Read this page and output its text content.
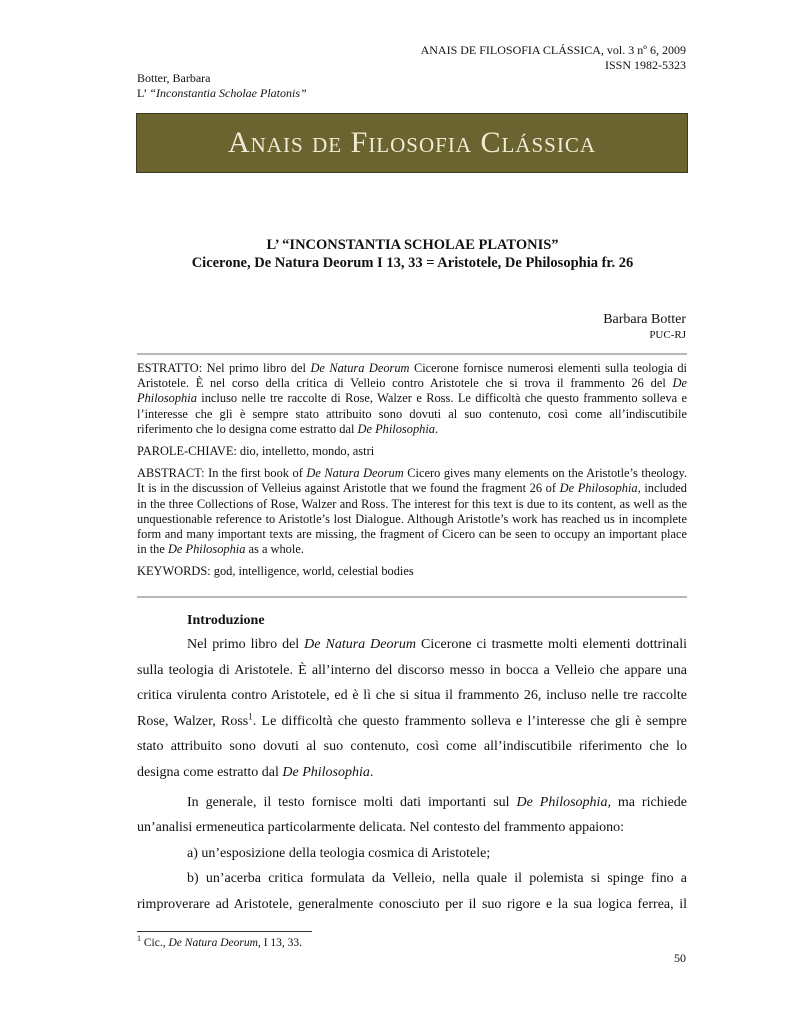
ANAIS DE FILOSOFIA CLÁSSICA, vol. 3 nº 6, 2009
ISSN 1982-5323
Botter, Barbara
L’ “Inconstantia Scholae Platonis”
Anais de Filosofia Clássica
L’ “INCONSTANTIA SCHOLAE PLATONIS”
Cicerone, De Natura Deorum I 13, 33 = Aristotele, De Philosophia fr. 26
Barbara Botter
PUC-RJ

ESTRATTO: Nel primo libro del De Natura Deorum Cicerone fornisce numerosi elementi sulla teologia di Aristotele. È nel corso della critica di Velleio contro Aristotele che si trova il frammento 26 del De Philosophia incluso nelle tre raccolte di Rose, Walzer e Ross. Le difficoltà che questo frammento solleva e l’interesse che gli è sempre stato attribuito sono dovuti al suo contenuto, così come all’indiscutibile riferimento che lo designa come estratto dal De Philosophia.

PAROLE-CHIAVE: dio, intelletto, mondo, astri

ABSTRACT: In the first book of De Natura Deorum Cicero gives many elements on the Aristotle’s theology. It is in the discussion of Velleius against Aristotle that we found the fragment 26 of De Philosophia, included in the three Collections of Rose, Walzer and Ross. The interest for this text is due to its content, as well as the unquestionable reference to Aristotle’s lost Dialogue. Although Aristotle’s work has reached us in incomplete form and many important texts are missing, the fragment of Cicero can be seen to occupy an important place in the De Philosophia as a whole.

KEYWORDS: god, intelligence, world, celestial bodies

Introduzione
Nel primo libro del De Natura Deorum Cicerone ci trasmette molti elementi dottrinali
sulla teologia di Aristotele. È all’interno del discorso messo in bocca a Velleio che appare una
critica virulenta contro Aristotele, ed è lì che si situa il frammento 26, incluso nelle tre raccolte
Rose, Walzer, Ross$^1$. Le difficoltà che questo frammento solleva e l’interesse che gli è sempre
stato attribuito sono dovuti al suo contenuto, così come all’indiscutibile riferimento che lo
designa come estratto dal De Philosophia.
In generale, il testo fornisce molti dati importanti sul De Philosophia, ma richiede
un’analisi ermeneutica particolarmente delicata. Nel contesto del frammento appaiono:
a) un’esposizione della teologia cosmica di Aristotele;
b) un’acerba critica formulata da Velleio, nella quale il polemista si spinge fino a
rimproverare ad Aristotele, generalmente conosciuto per il suo rigore e la sua logica ferrea, il
$^1$ Cic., De Natura Deorum, I 13, 33.
50
